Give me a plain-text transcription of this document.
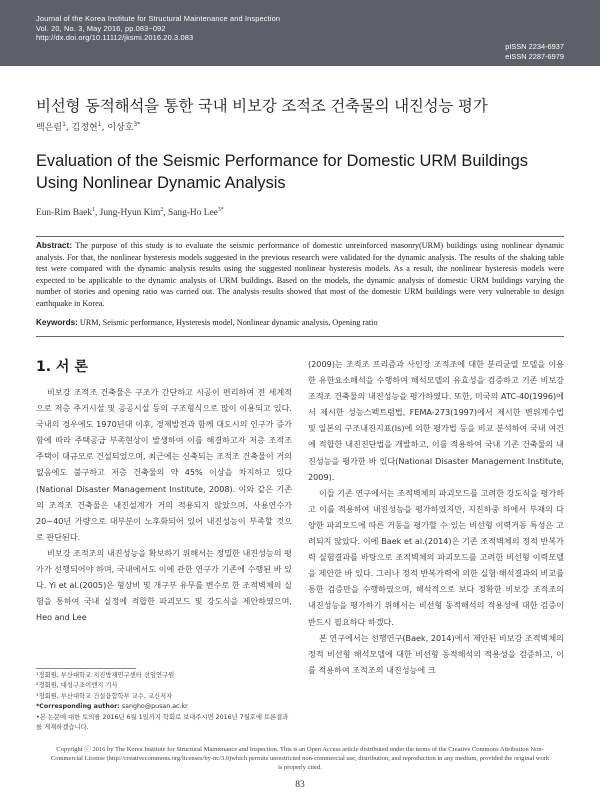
Journal of the Korea Institute for Structural Maintenance and Inspection
Vol. 20, No. 3, May 2016, pp.083~092
http://dx.doi.org/10.11112/jksmi.2016.20.3.083
pISSN 2234-6937
eISSN 2287-6979
비선형 동적해석을 통한 국내 비보강 조적조 건축물의 내진성능 평가
백은림$^1$, 김정현$^1$, 이상호$^{3*}$
Evaluation of the Seismic Performance for Domestic URM Buildings Using Nonlinear Dynamic Analysis
Eun-Rim Baek$^1$, Jung-Hyun Kim$^2$, Sang-Ho Lee$^{3*}$
Abstract: The purpose of this study is to evaluate the seismic performance of domestic unreinforced masonry(URM) buildings using nonlinear dynamic analysis. For that, the nonlinear hysteresis models suggested in the previous research were validated for the dynamic analysis. The results of the shaking table test were compared with the dynamic analysis results using the suggested nonlinear hysteresis models. As a result, the nonlinear hysteresis models were expected to be applicable to the dynamic analysis of URM buildings. Based on the models, the dynamic analysis of domestic URM buildings varying the number of stories and opening ratio was carried out. The analysis results showed that most of the domestic URM buildings were very vulnerable to design earthquake in Korea.
Keywords: URM, Seismic performance, Hysteresis model, Nonlinear dynamic analysis, Opening ratio
1. 서 론

비보강 조적조 건축물은 구조가 간단하고 시공이 편리하여 전 세계적으로 저층 주거시설 및 공공시설 등의 구조형식으로 많이 이용되고 있다. 국내의 경우에도 1970년대 이후, 경제발전과 함께 대도시의 인구가 증가함에 따라 주택공급 부족현상이 발생하여 이를 해결하고자 저층 조적조 주택이 대규모로 건설되었으며, 최근에는 신축되는 조적조 건축물이 거의 없음에도 불구하고 저층 건축물의 약 45% 이상을 차지하고 있다(National Disaster Management Institute, 2008). 이와 같은 기존의 조적조 건축물은 내진설계가 거의 적용되지 않았으며, 사용연수가 20~40년 가량으로 대부분이 노후화되어 있어 내진성능이 부족할 것으로 판단된다.

비보강 조적조의 내진성능을 확보하기 위해서는 정밀한 내진성능의 평가가 선행되어야 하며, 국내에서도 이에 관한 연구가 기존에 수행된 바 있다. Yi et al.(2005)은 형상비 및 개구부 유무를 변수로 한 조적벽체의 실험을 통하여 국내 실정에 적합한 파괴모드 및 강도식을 제안하였으며, Heo and Lee

¹정회원, 부산대학교 지진방재연구센터 선임연구원
²정회원, 대성구조이엔지 기사
³정회원, 부산대학교 건설융합학부 교수, 교신저자
*Corresponding author: sangho@pusan.ac.kr
•본 논문에 대한 토의를 2016년 6월 1일까지 학회로 보내주시면 2016년 7월호에 토론결과를 게재하겠습니다.

(2009)는 조적조 프리즘과 사인장 조적조에 대한 분리균열 모델을 이용한 유한요소해석을 수행하여 해석모델의 유효성을 검증하고 기존 비보강 조적조 건축물의 내진성능을 평가하였다. 또한, 미국의 ATC-40(1996)에서 제시한 성능스펙트럼법, FEMA-273(1997)에서 제시한 변위계수법 및 일본의 구조내진지표(Is)에 의한 평가법 등을 비교 분석하여 국내 여건에 적합한 내진진단법을 개발하고, 이를 적용하여 국내 기존 건축물의 내진성능을 평가한 바 있다(National Disaster Management Institute, 2009).

이들 기존 연구에서는 조적벽체의 파괴모드를 고려한 강도식을 평가하고 이를 적용하여 내진성능을 평가하였지만, 지진하중 하에서 부재의 다양한 파괴모드에 따른 거동을 평가할 수 있는 비선형 이력거동 특성은 고려되지 않았다. 이에 Baek et al.(2014)은 기존 조적벽체의 정적 반복가력 실험결과를 바탕으로 조적벽체의 파괴모드를 고려한 비선형 이력모델을 제안한 바 있다. 그러나 정적 반복가력에 의한 실험·해석결과의 비교를 통한 검증만을 수행하였으며, 해석적으로 보다 정확한 비보강 조적조의 내진성능을 평가하기 위해서는 비선형 동적해석의 적용성에 대한 검증이 반드시 필요하다 하겠다.

본 연구에서는 선행연구(Baek, 2014)에서 제안된 비보강 조적벽체의 정적 비선형 해석모델에 대한 비선형 동적해석의 적용성을 검증하고, 이를 적용하여 조적조의 내진성능에 크

Copyright ⓒ 2016 by The Korea Institute for Structural Maintenance and Inspection. This is an Open Access article distributed under the terms of the Creative Commons Attribution Non-Commercial License (http://creativecommons.org/licenses/by-nc/3.0)which permits unrestricted non-commercial use, distribution, and reproduction in any medium, provided the original work is properly cited.
83
